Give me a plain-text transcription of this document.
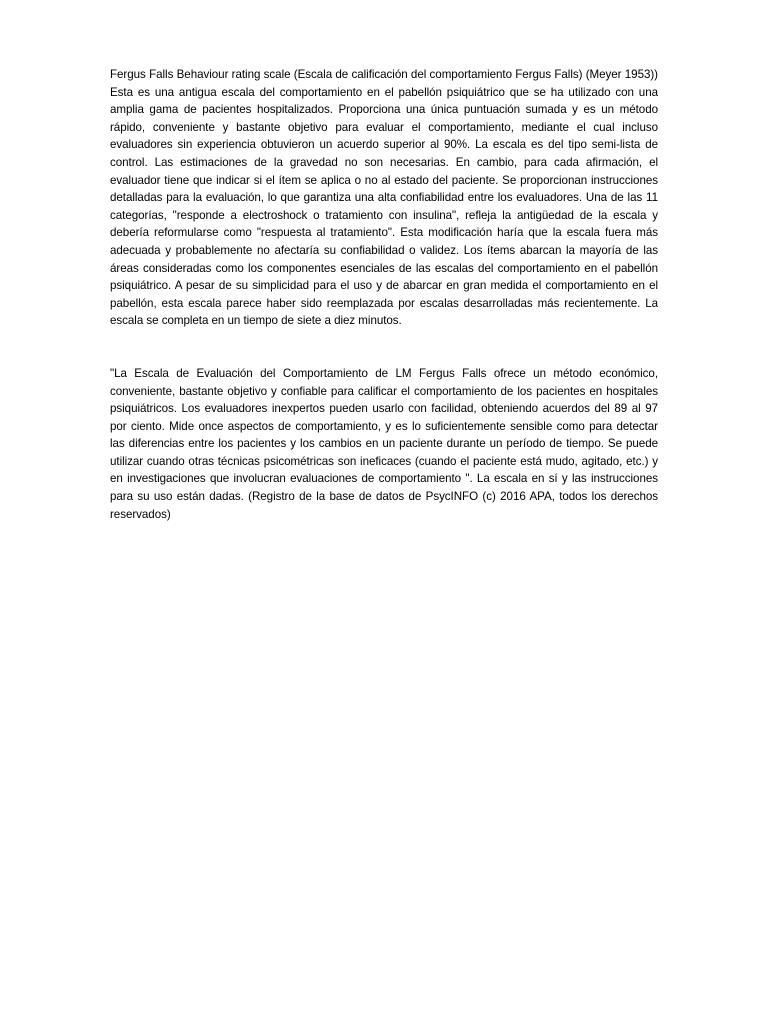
Fergus Falls Behaviour rating scale (Escala de calificación del comportamiento Fergus Falls) (Meyer 1953)) Esta es una antigua escala del comportamiento en el pabellón psiquiátrico que se ha utilizado con una amplia gama de pacientes hospitalizados. Proporciona una única puntuación sumada y es un método rápido, conveniente y bastante objetivo para evaluar el comportamiento, mediante el cual incluso evaluadores sin experiencia obtuvieron un acuerdo superior al 90%. La escala es del tipo semi-lista de control. Las estimaciones de la gravedad no son necesarias. En cambio, para cada afirmación, el evaluador tiene que indicar si el ítem se aplica o no al estado del paciente. Se proporcionan instrucciones detalladas para la evaluación, lo que garantiza una alta confiabilidad entre los evaluadores. Una de las 11 categorías, "responde a electroshock o tratamiento con insulina", refleja la antigüedad de la escala y debería reformularse como "respuesta al tratamiento". Esta modificación haría que la escala fuera más adecuada y probablemente no afectaría su confiabilidad o validez. Los ítems abarcan la mayoría de las áreas consideradas como los componentes esenciales de las escalas del comportamiento en el pabellón psiquiátrico. A pesar de su simplicidad para el uso y de abarcar en gran medida el comportamiento en el pabellón, esta escala parece haber sido reemplazada por escalas desarrolladas más recientemente. La escala se completa en un tiempo de siete a diez minutos.

"La Escala de Evaluación del Comportamiento de LM Fergus Falls ofrece un método económico, conveniente, bastante objetivo y confiable para calificar el comportamiento de los pacientes en hospitales psiquiátricos. Los evaluadores inexpertos pueden usarlo con facilidad, obteniendo acuerdos del 89 al 97 por ciento. Mide once aspectos de comportamiento, y es lo suficientemente sensible como para detectar las diferencias entre los pacientes y los cambios en un paciente durante un período de tiempo. Se puede utilizar cuando otras técnicas psicométricas son ineficaces (cuando el paciente está mudo, agitado, etc.) y en investigaciones que involucran evaluaciones de comportamiento ". La escala en sí y las instrucciones para su uso están dadas. (Registro de la base de datos de PsycINFO (c) 2016 APA, todos los derechos reservados)
